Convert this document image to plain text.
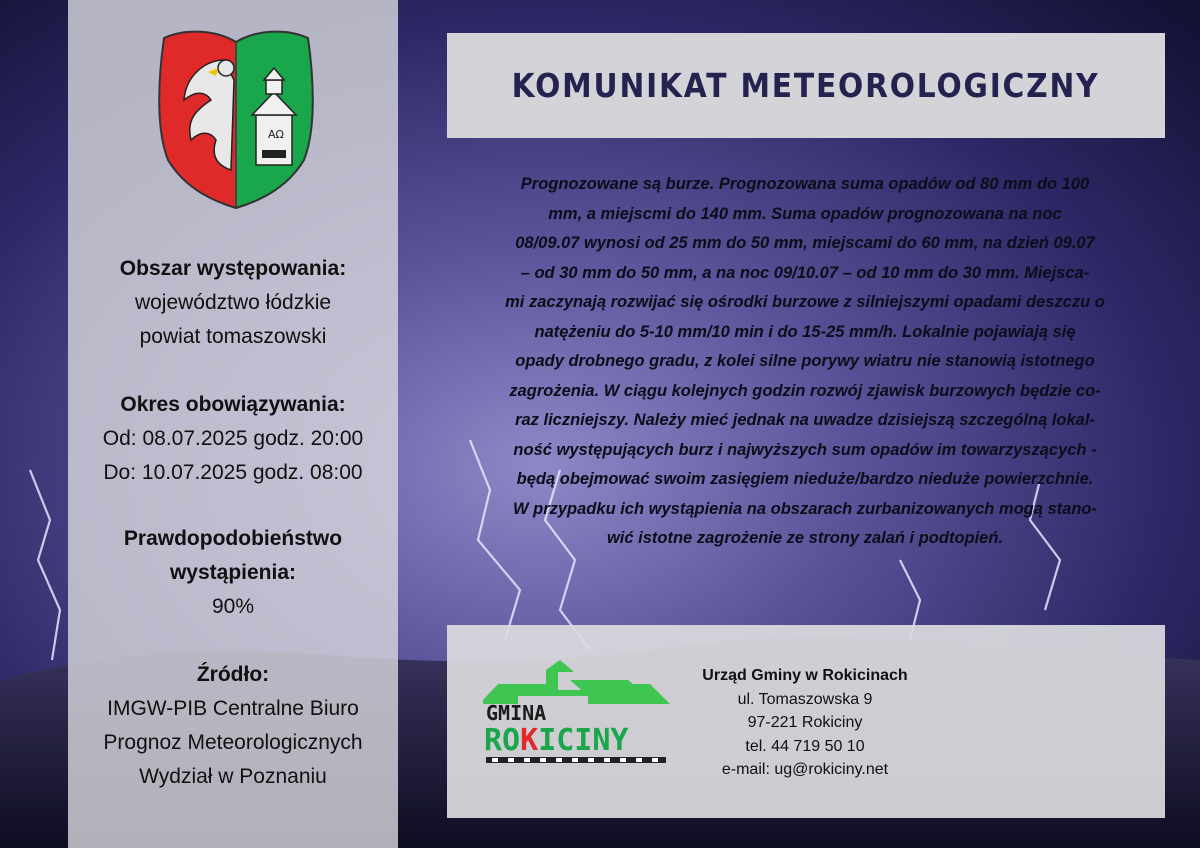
AΩ
Obszar występowania:
województwo łódzkie
powiat tomaszowski
Okres obowiązywania:
Od: 08.07.2025 godz. 20:00
Do: 10.07.2025 godz. 08:00
Prawdopodobieństwo
wystąpienia:
90%
Źródło:
IMGW-PIB Centralne Biuro
Prognoz Meteorologicznych
Wydział w Poznaniu
KOMUNIKAT METEOROLOGICZNY
Prognozowane są burze. Prognozowana suma opadów od 80 mm do 100
mm, a miejscmi do 140 mm. Suma opadów prognozowana na noc
08/09.07 wynosi od 25 mm do 50 mm, miejscami do 60 mm, na dzień 09.07
– od 30 mm do 50 mm, a na noc 09/10.07 – od 10 mm do 30 mm. Miejsca-
mi zaczynają rozwijać się ośrodki burzowe z silniejszymi opadami deszczu o
natężeniu do 5-10 mm/10 min i do 15-25 mm/h. Lokalnie pojawiają się
opady drobnego gradu, z kolei silne porywy wiatru nie stanowią istotnego
zagrożenia. W ciągu kolejnych godzin rozwój zjawisk burzowych będzie co-
raz liczniejszy. Należy mieć jednak na uwadze dzisiejszą szczególną lokal-
ność występujących burz i najwyższych sum opadów im towarzyszących -
będą obejmować swoim zasięgiem nieduże/bardzo nieduże powierzchnie.
W przypadku ich wystąpienia na obszarach zurbanizowanych mogą stano-
wić istotne zagrożenie ze strony zalań i podtopień.
GMINA
ROKICINY
Urząd Gminy w Rokicinach
ul. Tomaszowska 9
97-221 Rokiciny
tel. 44 719 50 10
e-mail: ug@rokiciny.net
